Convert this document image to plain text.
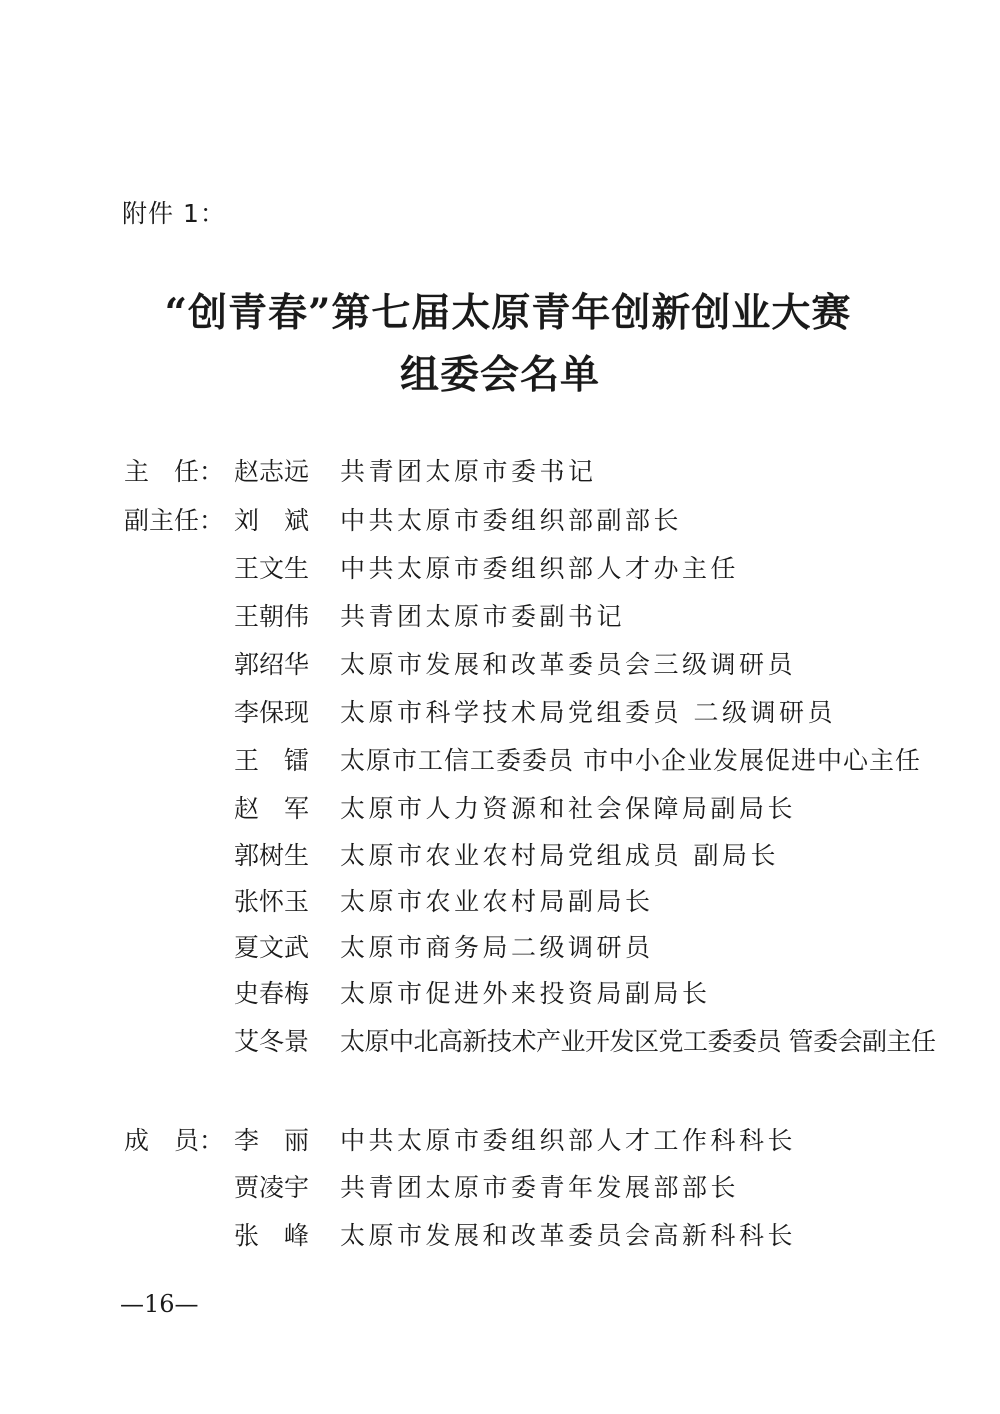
附件 1：
“创青春”第七届太原青年创新创业大赛
组委会名单
主　任： 赵志远 共青团太原市委书记
副主任： 刘　斌 中共太原市委组织部副部长
王文生 中共太原市委组织部人才办主任
王朝伟 共青团太原市委副书记
郭绍华 太原市发展和改革委员会三级调研员
李保现 太原市科学技术局党组委员 二级调研员
王　镭 太原市工信工委委员 市中小企业发展促进中心主任
赵　军 太原市人力资源和社会保障局副局长
郭树生 太原市农业农村局党组成员 副局长
张怀玉 太原市农业农村局副局长
夏文武 太原市商务局二级调研员
史春梅 太原市促进外来投资局副局长
艾冬景 太原中北高新技术产业开发区党工委委员 管委会副主任
成　员： 李　丽 中共太原市委组织部人才工作科科长
贾凌宇 共青团太原市委青年发展部部长
张　峰 太原市发展和改革委员会高新科科长
—16—
